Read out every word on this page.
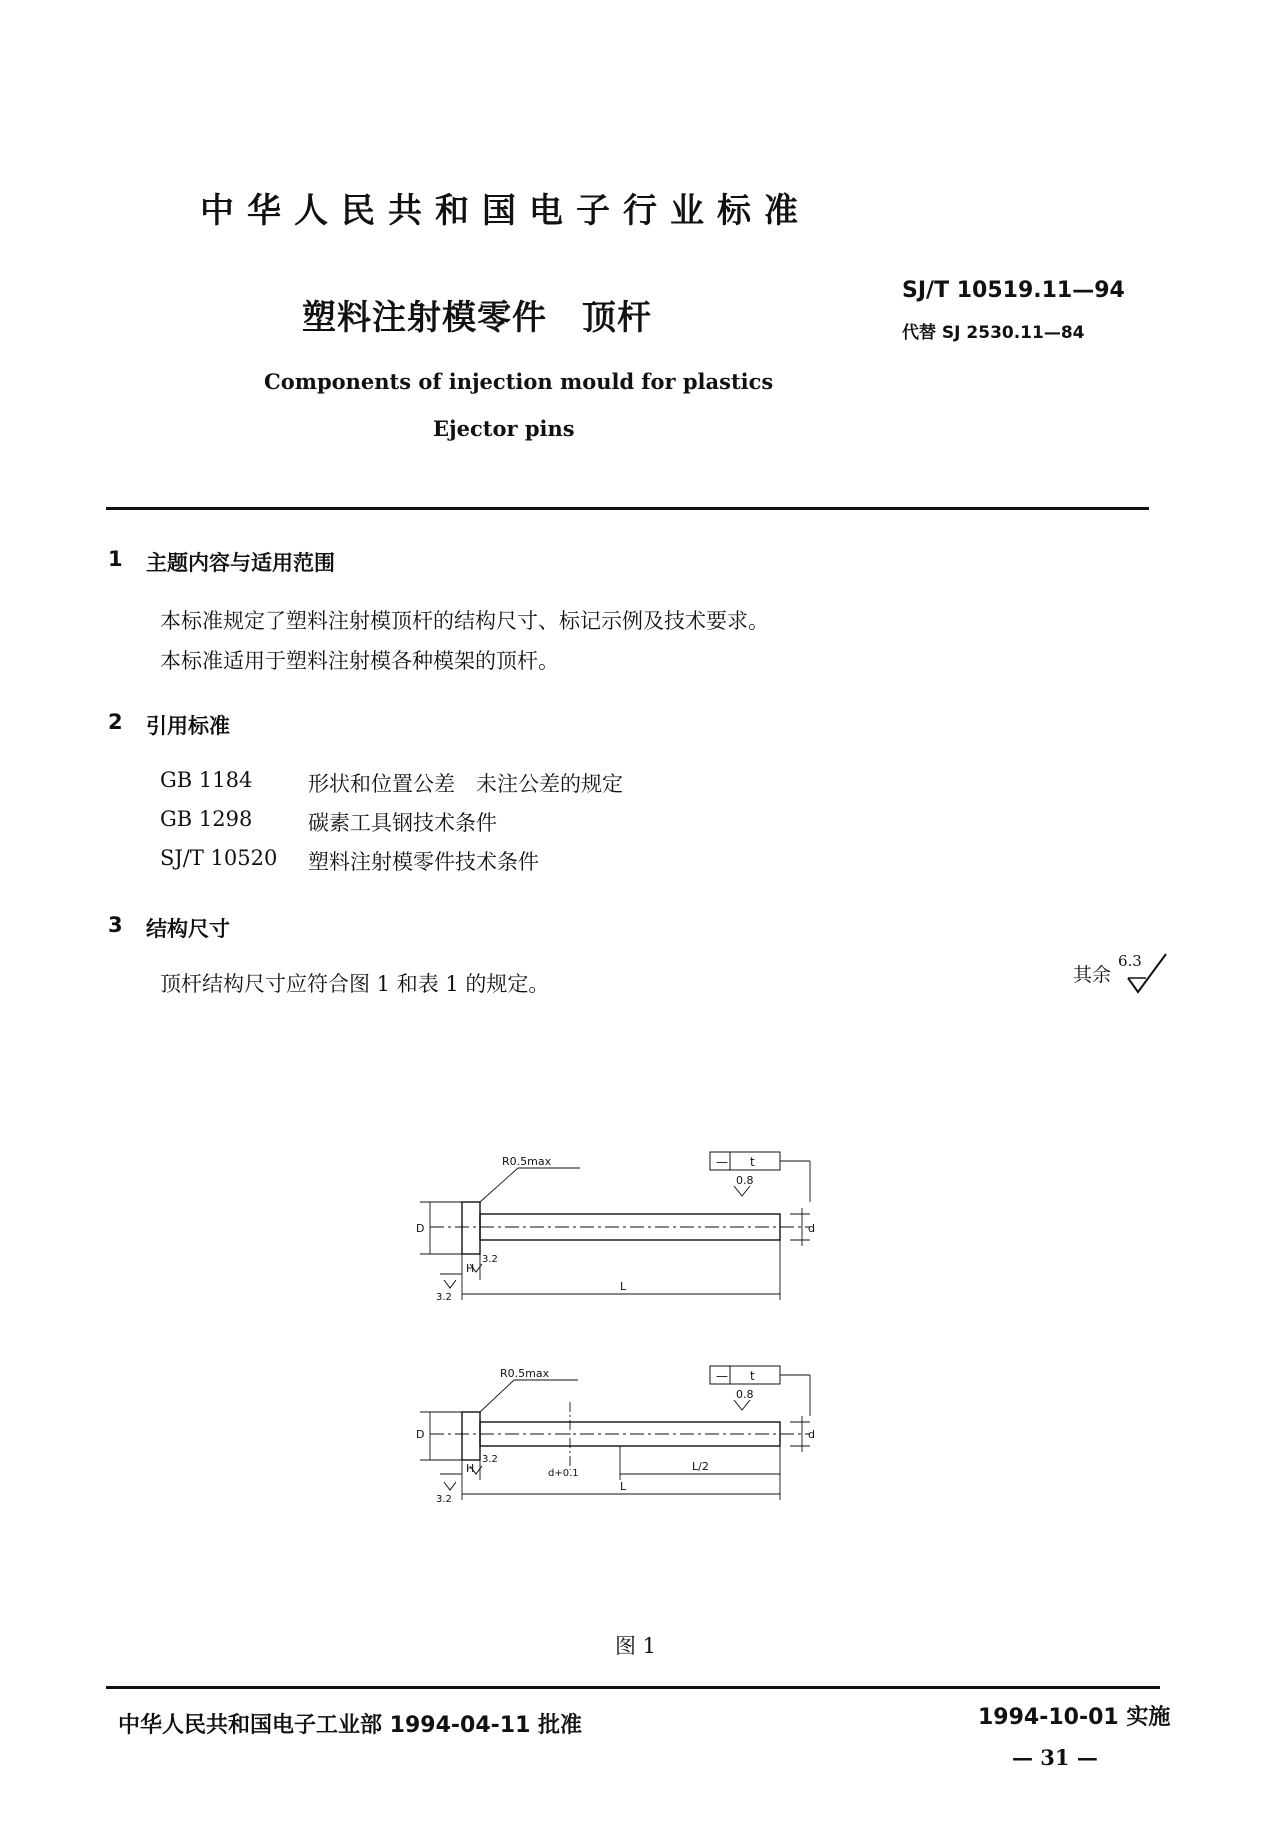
中华人民共和国电子行业标准
塑料注射模零件　顶杆
SJ/T 10519.11—94
代替 SJ 2530.11—84
Components of injection mould for plastics
Ejector pins
1 主题内容与适用范围
本标准规定了塑料注射模顶杆的结构尺寸、标记示例及技术要求。
本标准适用于塑料注射模各种模架的顶杆。
2 引用标准
GB 1184	形状和位置公差　未注公差的规定
GB 1298	碳素工具钢技术条件
SJ/T 10520 塑料注射模零件技术条件
3 结构尺寸
顶杆结构尺寸应符合图 1 和表 1 的规定。	其余
6.3
R0.5max	— t
0.8
D	d
H
L
3.2
3.2
R0.5max	— t
0.8
D	d
d+0.1
H	L/2
L
3.2
3.2
图 1
中华人民共和国电子工业部 1994-04-11 批准	1994-10-01 实施
— 31 —
